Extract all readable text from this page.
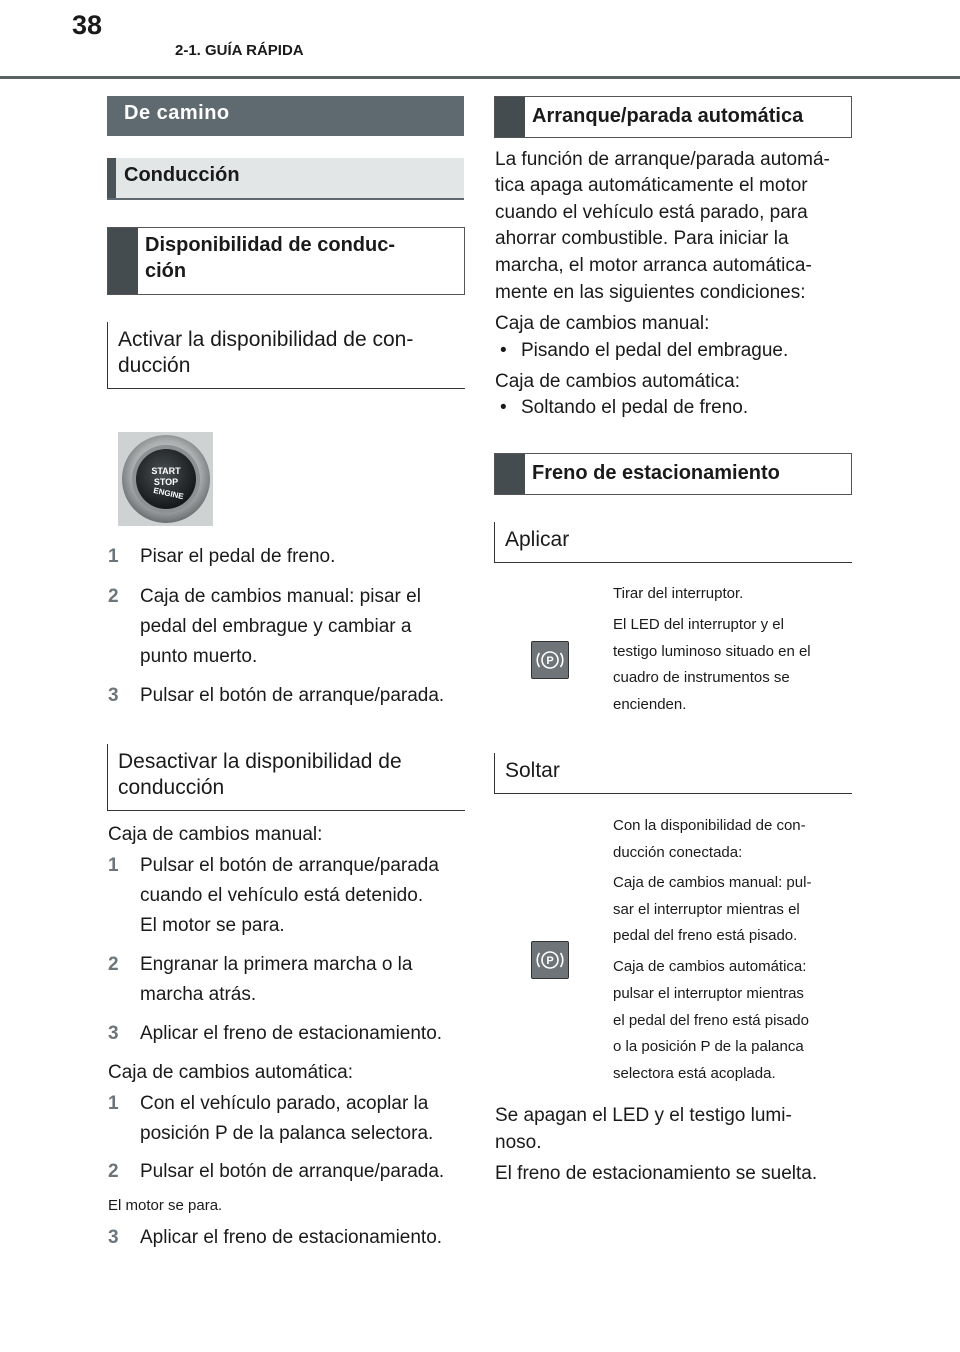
38
2-1. GUÍA RÁPIDA
De camino
Conducción
Disponibilidad de conduc-
ción
Activar la disponibilidad de con-
ducción
START
STOP
ENGINE
1 Pisar el pedal de freno.
2 Caja de cambios manual: pisar el
pedal del embrague y cambiar a
punto muerto.
3 Pulsar el botón de arranque/parada.
Desactivar la disponibilidad de
conducción
Caja de cambios manual:
1 Pulsar el botón de arranque/parada
cuando el vehículo está detenido.
El motor se para.
2 Engranar la primera marcha o la
marcha atrás.
3 Aplicar el freno de estacionamiento.
Caja de cambios automática:
1 Con el vehículo parado, acoplar la
posición P de la palanca selectora.
2 Pulsar el botón de arranque/parada.
El motor se para.
3 Aplicar el freno de estacionamiento.
Arranque/parada automática
La función de arranque/parada automá-
tica apaga automáticamente el motor
cuando el vehículo está parado, para
ahorrar combustible. Para iniciar la
marcha, el motor arranca automática-
mente en las siguientes condiciones:
Caja de cambios manual:
• Pisando el pedal del embrague.
Caja de cambios automática:
• Soltando el pedal de freno.
Freno de estacionamiento
Aplicar
P
Tirar del interruptor.
El LED del interruptor y el
testigo luminoso situado en el
cuadro de instrumentos se
encienden.
Soltar
P
Con la disponibilidad de con-
ducción conectada:
Caja de cambios manual: pul-
sar el interruptor mientras el
pedal del freno está pisado.
Caja de cambios automática:
pulsar el interruptor mientras
el pedal del freno está pisado
o la posición P de la palanca
selectora está acoplada.
Se apagan el LED y el testigo lumi-
noso.
El freno de estacionamiento se suelta.
